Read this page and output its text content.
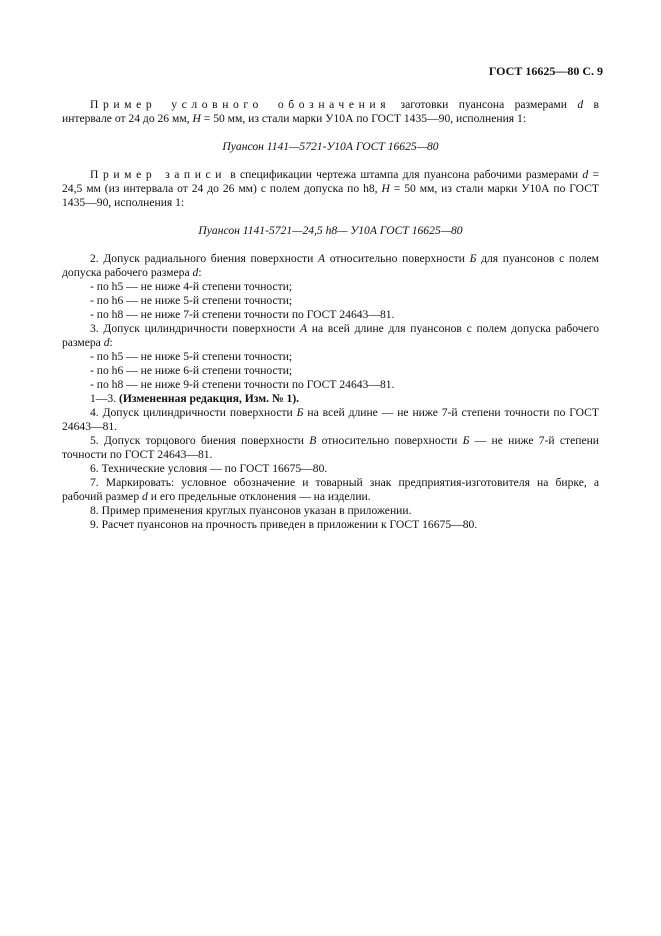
ГОСТ 16625—80 С. 9

Пример условного обозначения заготовки пуансона размерами d в интервале от 24 до 26 мм, H = 50 мм, из стали марки У10А по ГОСТ 1435—90, исполнения 1:

Пуансон 1141—5721-У10А ГОСТ 16625—80

Пример записи в спецификации чертежа штампа для пуансона рабочими размерами d = 24,5 мм (из интервала от 24 до 26 мм) с полем допуска по h8, H = 50 мм, из стали марки У10А по ГОСТ 1435—90, исполнения 1:

Пуансон 1141-5721—24,5 h8— У10А ГОСТ 16625—80

2. Допуск радиального биения поверхности А относительно поверхности Б для пуансонов с полем допуска рабочего размера d:

- по h5 — не ниже 4-й степени точности;

- по h6 — не ниже 5-й степени точности;

- по h8 — не ниже 7-й степени точности по ГОСТ 24643—81.

3. Допуск цилиндричности поверхности А на всей длине для пуансонов с полем допуска рабочего размера d:

- по h5 — не ниже 5-й степени точности;

- по h6 — не ниже 6-й степени точности;

- по h8 — не ниже 9-й степени точности по ГОСТ 24643—81.

1—3. (Измененная редакция, Изм. № 1).

4. Допуск цилиндричности поверхности Б на всей длине — не ниже 7-й степени точности по ГОСТ 24643—81.

5. Допуск торцового биения поверхности В относительно поверхности Б — не ниже 7-й степени точности по ГОСТ 24643—81.

6. Технические условия — по ГОСТ 16675—80.

7. Маркировать: условное обозначение и товарный знак предприятия-изготовителя на бирке, а рабочий размер d и его предельные отклонения — на изделии.

8. Пример применения круглых пуансонов указан в приложении.

9. Расчет пуансонов на прочность приведен в приложении к ГОСТ 16675—80.
